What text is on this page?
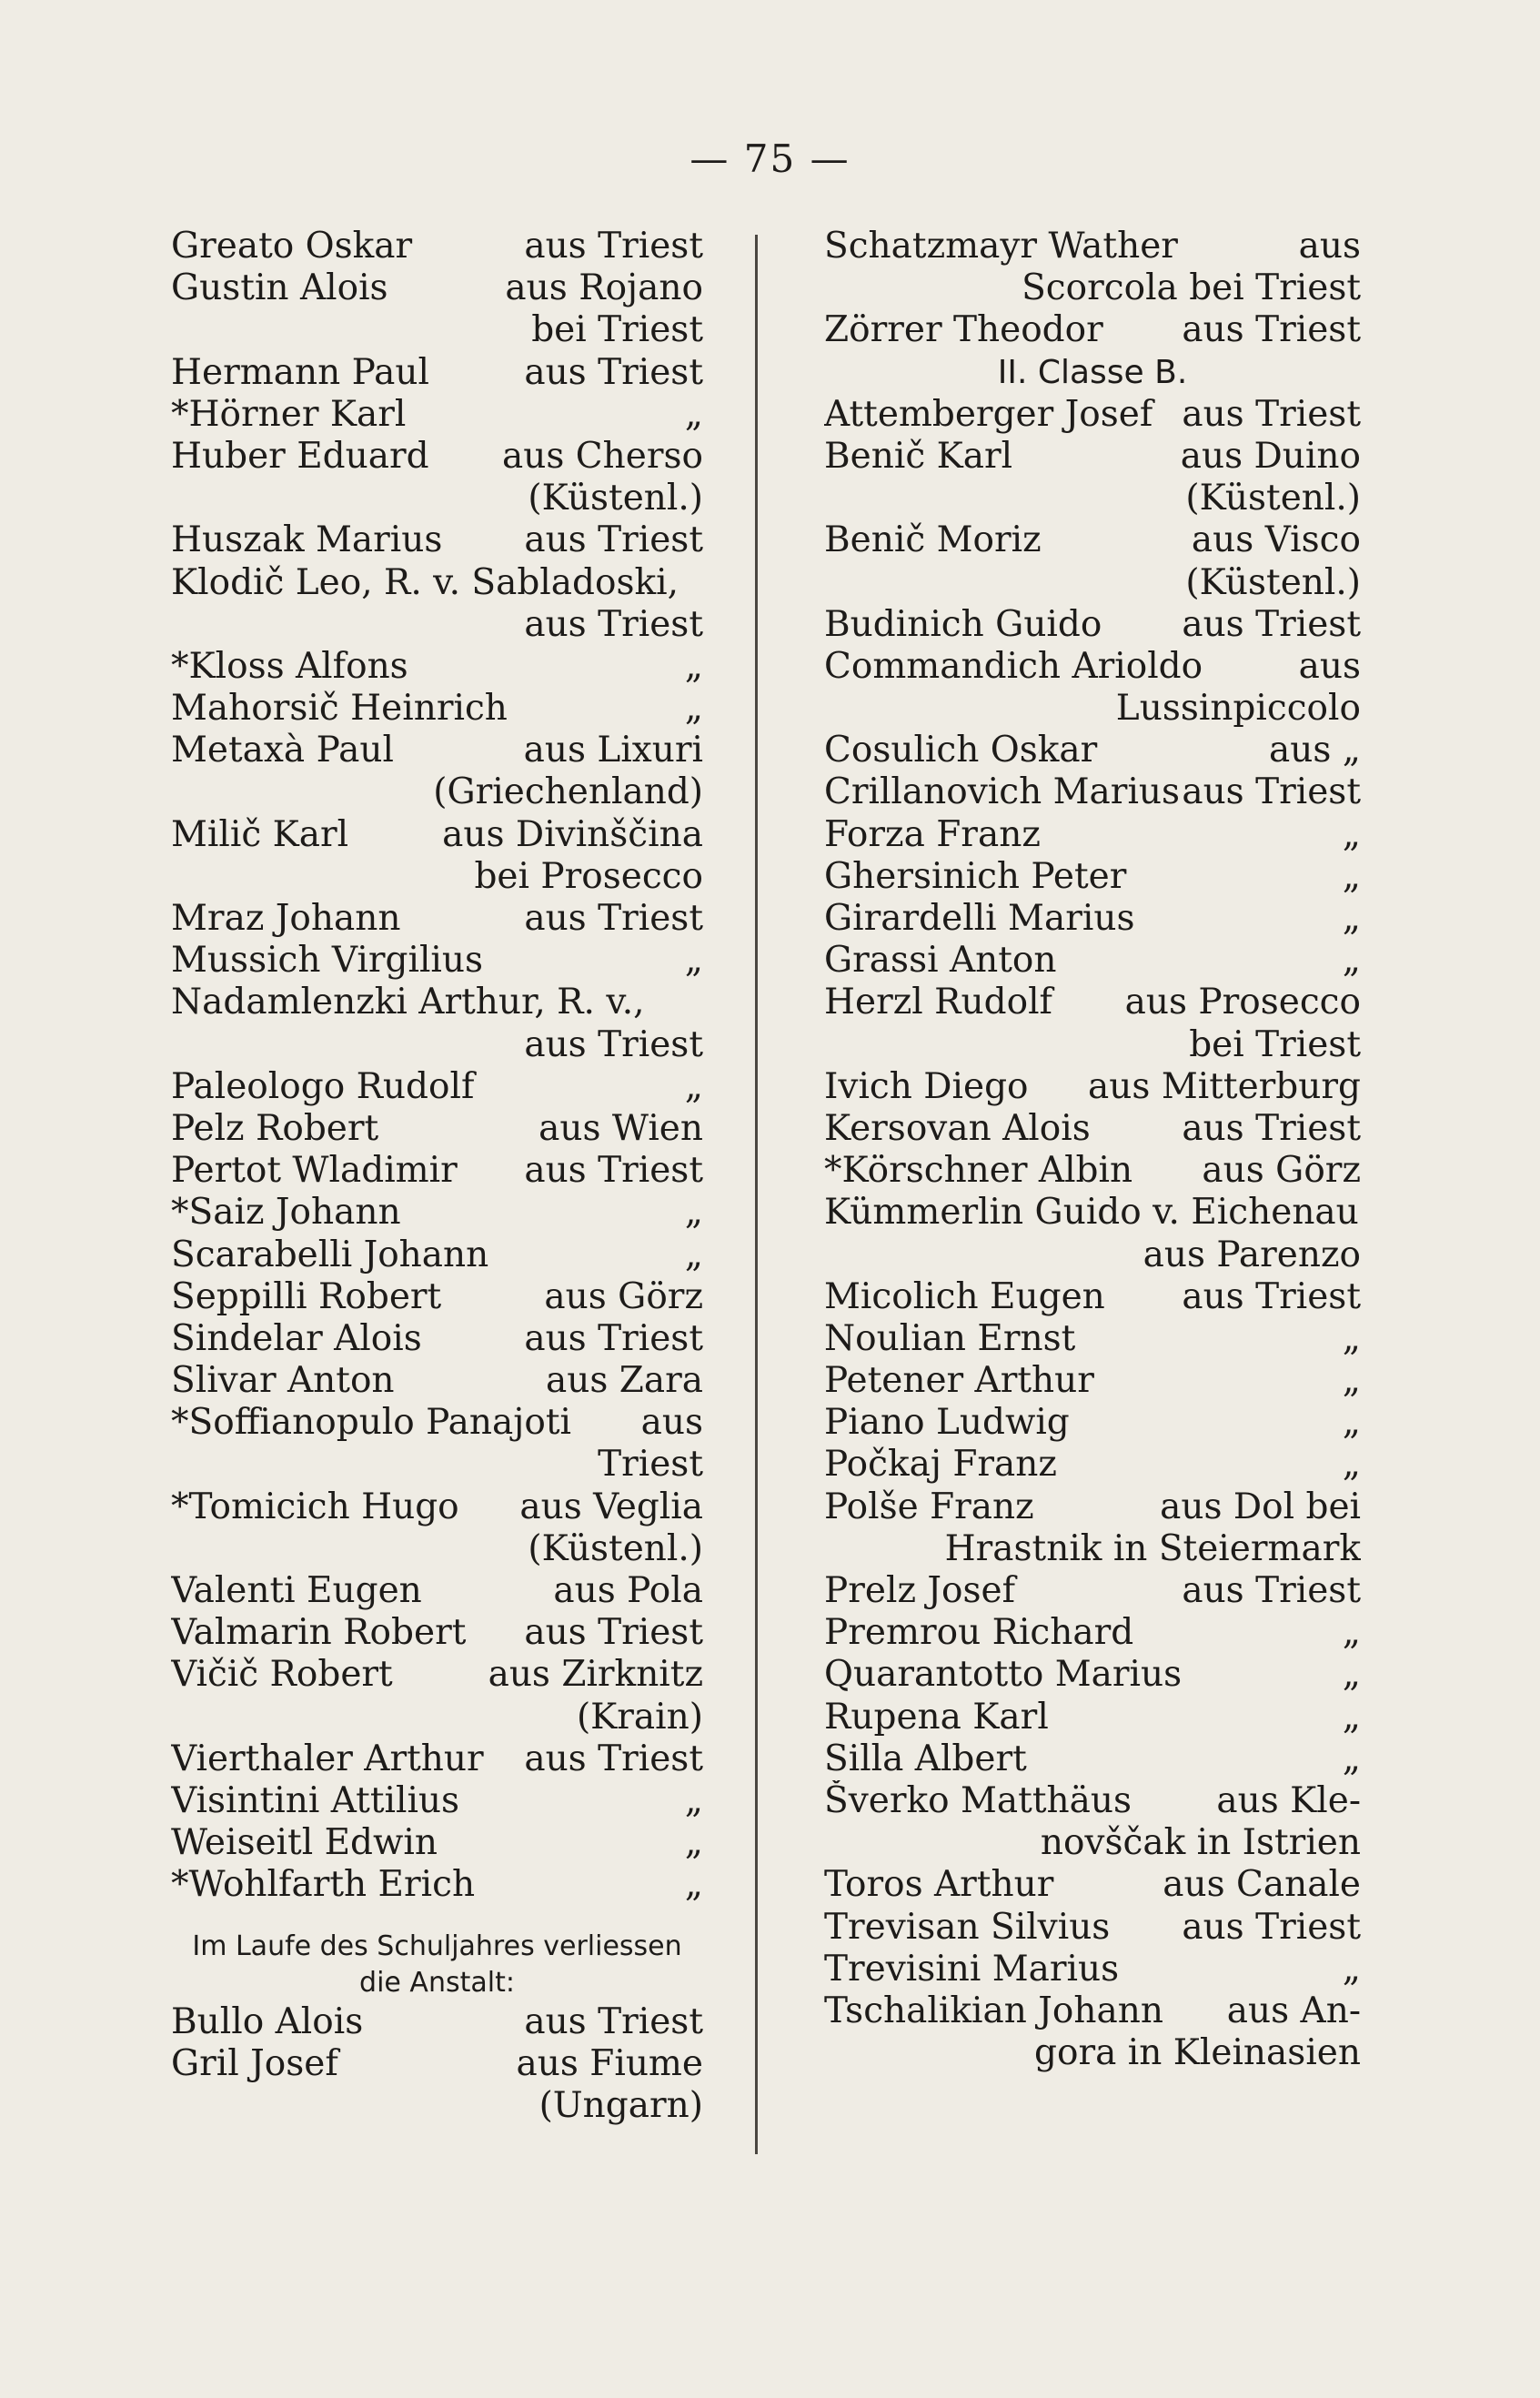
— 75 —
Greato Oskar	aus Triest
Gustin Alois	aus Rojano
bei Triest
Hermann Paul	aus Triest
*Hörner Karl	„
Huber Eduard aus Cherso
(Küstenl.)
Huszak Marius aus Triest
Klodič Leo, R. v. Sabladoski,
aus Triest
*Kloss Alfons	„
Mahorsič Heinrich	„
Metaxà Paul	aus Lixuri
(Griechenland)
Milič Karl	aus Divinščina
bei Prosecco
Mraz Johann	aus Triest
Mussich Virgilius	„
Nadamlenzki Arthur, R. v.,
aus Triest
Paleologo Rudolf	„
Pelz Robert	aus Wien
Pertot Wladimir aus Triest
*Saiz Johann	„
Scarabelli Johann	„
Seppilli Robert	aus Görz
Sindelar Alois	aus Triest
Slivar Anton	aus Zara
*Soffianopulo Panajoti aus
Triest
*Tomicich Hugo aus Veglia
(Küstenl.)
Valenti Eugen	aus Pola
Valmarin Robert aus Triest
Vičič Robert	aus Zirknitz
(Krain)
Vierthaler Arthur aus Triest
Visintini Attilius	„
Weiseitl Edwin	„
*Wohlfarth Erich	„
Im Laufe des Schuljahres verliessen
die Anstalt:
Bullo Alois	aus Triest
Gril Josef	aus Fiume
(Ungarn)
Schatzmayr Wather	aus
Scorcola bei Triest
Zörrer Theodor aus Triest
II. Classe B.
Attemberger Josef aus Triest
Benič Karl	aus Duino
(Küstenl.)
Benič Moriz	aus Visco
(Küstenl.)
Budinich Guido aus Triest
Commandich Arioldo	aus
Lussinpiccolo
Cosulich Oskar	aus „
Crillanovich Marius aus Triest
Forza Franz	„
Ghersinich Peter	„
Girardelli Marius	„
Grassi Anton	„
Herzl Rudolf aus Prosecco
bei Triest
Ivich Diego aus Mitterburg
Kersovan Alois	aus Triest
*Körschner Albin aus Görz
Kümmerlin Guido v. Eichenau
aus Parenzo
Micolich Eugen aus Triest
Noulian Ernst	„
Petener Arthur	„
Piano Ludwig	„
Počkaj Franz	„
Polše Franz	aus Dol bei
Hrastnik in Steiermark
Prelz Josef	aus Triest
Premrou Richard	„
Quarantotto Marius	„
Rupena Karl	„
Silla Albert	„
Šverko Matthäus aus Kle-
novščak in Istrien
Toros Arthur	aus Canale
Trevisan Silvius aus Triest
Trevisini Marius	„
Tschalikian Johann aus An-
gora in Kleinasien
